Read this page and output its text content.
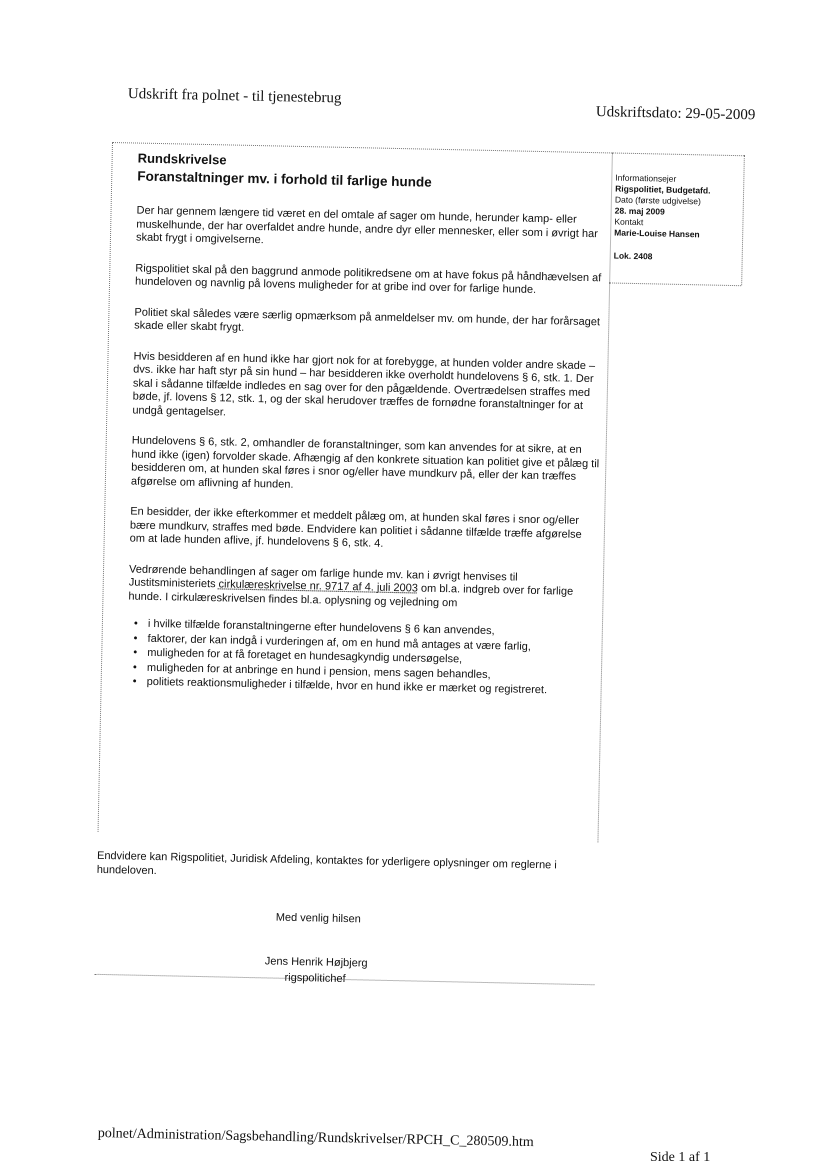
Udskrift fra polnet - til tjenestebrug
Udskriftsdato: 29-05-2009
Rundskrivelse
Foranstaltninger mv. i forhold til farlige hunde

Der har gennem længere tid været en del omtale af sager om hunde, herunder kamp- eller muskelhunde, der har overfaldet andre hunde, andre dyr eller mennesker, eller som i øvrigt har skabt frygt i omgivelserne.

Rigspolitiet skal på den baggrund anmode politikredsene om at have fokus på håndhævelsen af hundeloven og navnlig på lovens muligheder for at gribe ind over for farlige hunde.

Politiet skal således være særlig opmærksom på anmeldelser mv. om hunde, der har forårsaget skade eller skabt frygt.

Hvis besidderen af en hund ikke har gjort nok for at forebygge, at hunden volder andre skade – dvs. ikke har haft styr på sin hund – har besidderen ikke overholdt hundelovens § 6, stk. 1. Der skal i sådanne tilfælde indledes en sag over for den pågældende. Overtrædelsen straffes med bøde, jf. lovens § 12, stk. 1, og der skal herudover træffes de fornødne foranstaltninger for at undgå gentagelser.

Hundelovens § 6, stk. 2, omhandler de foranstaltninger, som kan anvendes for at sikre, at en hund ikke (igen) forvolder skade. Afhængig af den konkrete situation kan politiet give et pålæg til besidderen om, at hunden skal føres i snor og/eller have mundkurv på, eller der kan træffes afgørelse om aflivning af hunden.

En besidder, der ikke efterkommer et meddelt pålæg om, at hunden skal føres i snor og/eller bære mundkurv, straffes med bøde. Endvidere kan politiet i sådanne tilfælde træffe afgørelse om at lade hunden aflive, jf. hundelovens § 6, stk. 4.

Vedrørende behandlingen af sager om farlige hunde mv. kan i øvrigt henvises til Justitsministeriets cirkulæreskrivelse nr. 9717 af 4. juli 2003 om bl.a. indgreb over for farlige hunde. I cirkulæreskrivelsen findes bl.a. oplysning og vejledning om

• i hvilke tilfælde foranstaltningerne efter hundelovens § 6 kan anvendes,
• faktorer, der kan indgå i vurderingen af, om en hund må antages at være farlig,
• muligheden for at få foretaget en hundesagkyndig undersøgelse,
• muligheden for at anbringe en hund i pension, mens sagen behandles,
• politiets reaktionsmuligheder i tilfælde, hvor en hund ikke er mærket og registreret.
Endvidere kan Rigspolitiet, Juridisk Afdeling, kontaktes for yderligere oplysninger om reglerne i hundeloven.
Med venlig hilsen
Jens Henrik Højbjerg
rigspolitichef
Informationsejer
Rigspolitiet, Budgetafd.
Dato (første udgivelse)
28. maj 2009
Kontakt
Marie-Louise Hansen
Lok. 2408
polnet/Administration/Sagsbehandling/Rundskrivelser/RPCH_C_280509.htm
Side 1 af 1
